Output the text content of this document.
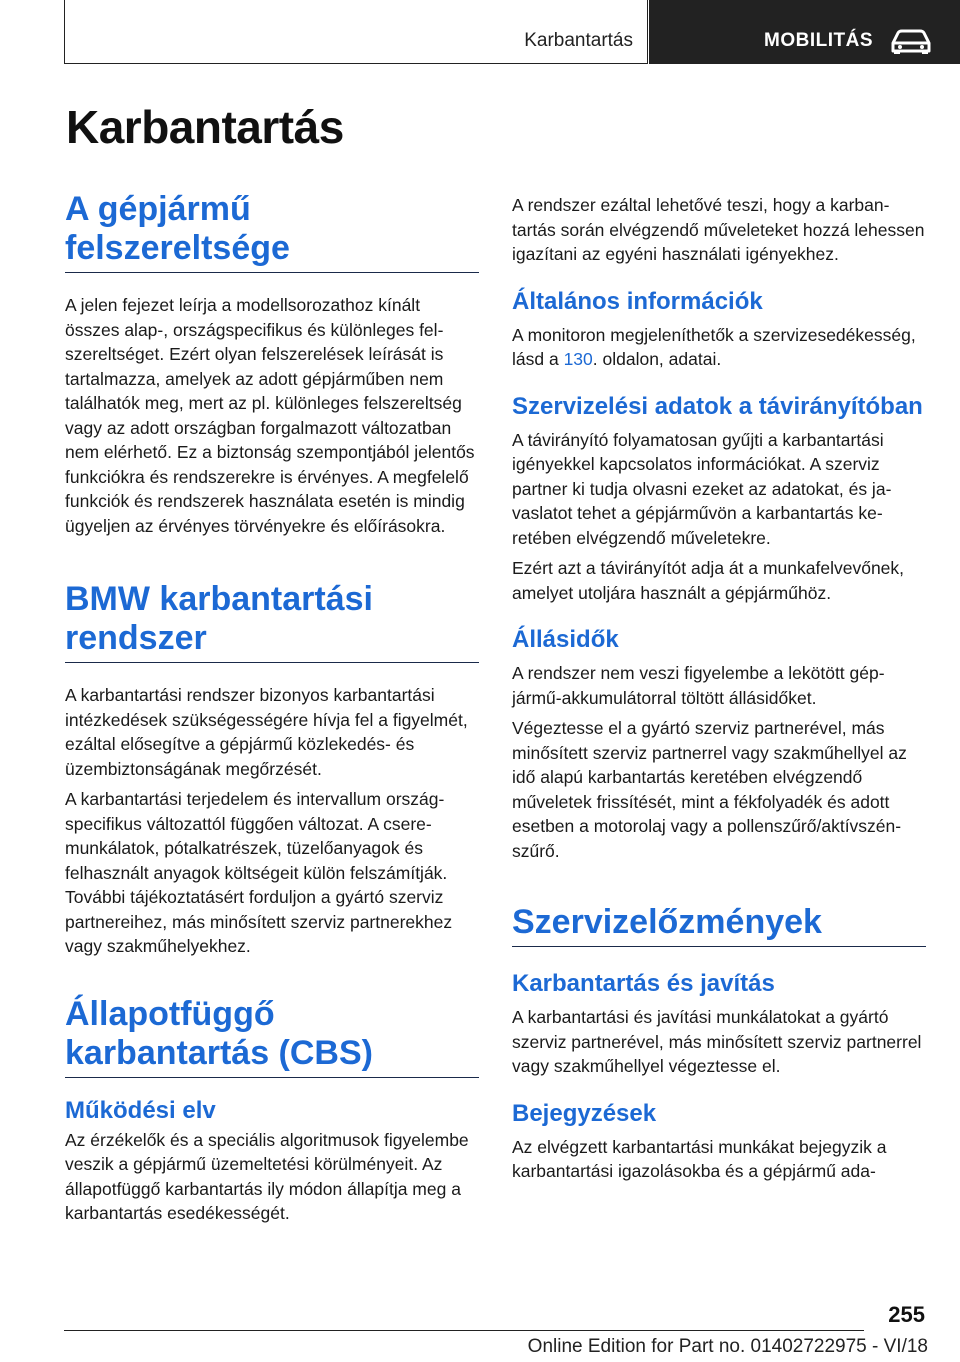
Karbantartás	MOBILITÁS
Karbantartás
A gépjármű felszereltsége

A jelen fejezet leírja a modellsorozathoz kínált összes alap-, országspecifikus és különleges felszereltséget. Ezért olyan felszerelések leírását is tartalmazza, amelyek az adott gépjárműben nem találhatók meg, mert az pl. különleges felszereltség vagy az adott országban forgalmazott változatban nem elérhető. Ez a biztonság szempontjából jelentős funkciókra és rendszerekre is érvényes. A megfelelő funkciók és rendszerek használata esetén is mindig ügyeljen az érvényes törvényekre és előírásokra.

BMW karbantartási rendszer

A karbantartási rendszer bizonyos karbantartási intézkedések szükségességére hívja fel a figyelmét, ezáltal elősegítve a gépjármű közlekedés- és üzembiztonságának megőrzését.

A karbantartási terjedelem és intervallum országspecifikus változattól függően változat. A cseremunkálatok, pótalkatrészek, tüzelőanyagok és felhasznált anyagok költségeit külön felszámítják. További tájékoztatásért forduljon a gyártó szerviz partnereihez, más minősített szerviz partnerekhez vagy szakműhelyekhez.

Állapotfüggő karbantartás (CBS)
Működési elv

Az érzékelők és a speciális algoritmusok figyelembe veszik a gépjármű üzemeltetési körülményeit. Az állapotfüggő karbantartás ily módon állapítja meg a karbantartás esedékességét.

A rendszer ezáltal lehetővé teszi, hogy a karbantartás során elvégzendő műveleteket hozzá lehessen igazítani az egyéni használati igényekhez.

Általános információk

A monitoron megjeleníthetők a szervizesedékesség, lásd a 130. oldalon, adatai.

Szervizelési adatok a távirányítóban

A távirányító folyamatosan gyűjti a karbantartási igényekkel kapcsolatos információkat. A szerviz partner ki tudja olvasni ezeket az adatokat, és javaslatot tehet a gépjárművön a karbantartás keretében elvégzendő műveletekre.

Ezért azt a távirányítót adja át a munkafelvevőnek, amelyet utoljára használt a gépjárműhöz.

Állásidők

A rendszer nem veszi figyelembe a lekötött gépjármű-akkumulátorral töltött állásidőket.

Végeztesse el a gyártó szerviz partnerével, más minősített szerviz partnerrel vagy szakműhellyel az idő alapú karbantartás keretében elvégzendő műveletek frissítését, mint a fékfolyadék és adott esetben a motorolaj vagy a pollenszűrő/aktívszén-szűrő.

Szervizelőzmények
Karbantartás és javítás

A karbantartási és javítási munkálatokat a gyártó szerviz partnerével, más minősített szerviz partnerrel vagy szakműhellyel végeztesse el.

Bejegyzések

Az elvégzett karbantartási munkákat bejegyzik a karbantartási igazolásokba és a gépjármű ada-

255
Online Edition for Part no. 01402722975 - VI/18
